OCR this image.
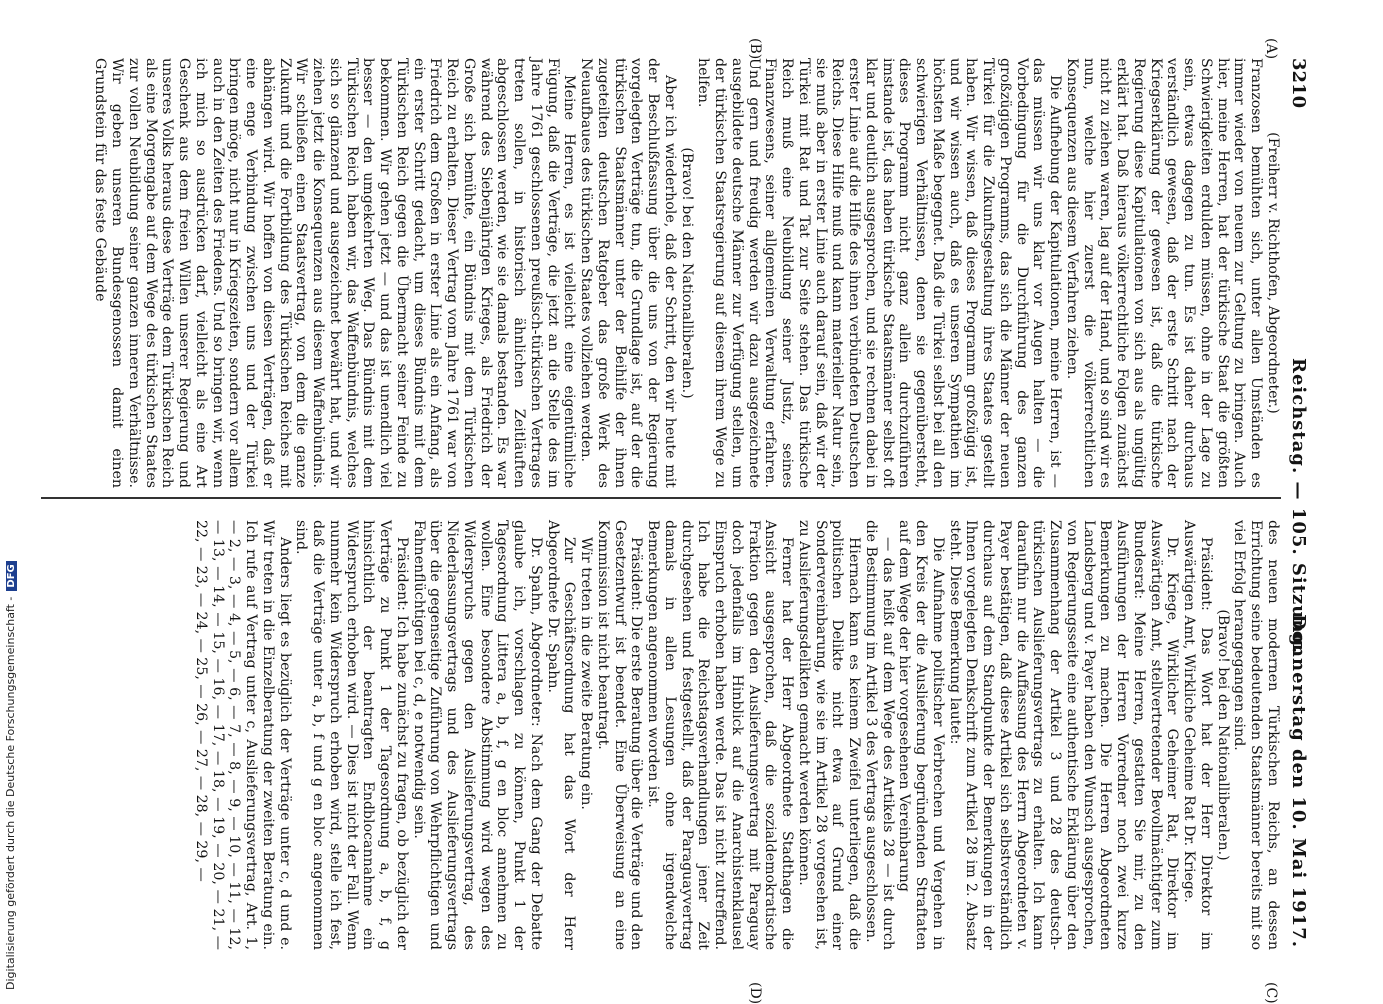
3210
Reichstag. — 105. Sitzung.
Donnerstag den 10. Mai 1917.
(A)
(B)
(C)
(D)

(Freiherr v. Richthofen, Abgeordneter.)

Franzosen bemühten sich, unter allen Umständen es immer wieder von neuem zur Geltung zu bringen. Auch hier, meine Herren, hat der türkische Staat die größten Schwierigkeiten erdulden müssen, ohne in der Lage zu sein, etwas dagegen zu tun. Es ist daher durchaus verständlich gewesen, daß der erste Schritt nach der Kriegserklärung der gewesen ist, daß die türkische Regierung diese Kapitulationen von sich aus als ungültig erklärt hat. Daß hieraus völkerrechtliche Folgen zunächst nicht zu ziehen waren, lag auf der Hand, und so sind wir es nun, welche hier zuerst die völkerrechtlichen Konsequenzen aus diesem Verfahren ziehen.

Die Aufhebung der Kapitulationen, meine Herren, ist — das müssen wir uns klar vor Augen halten — die Vorbedingung für die Durchführung des ganzen großzügigen Programms, das sich die Männer der neuen Türkei für die Zukunftsgestaltung ihres Staates gestellt haben. Wir wissen, daß dieses Programm großzügig ist, und wir wissen auch, daß es unseren Sympathien im höchsten Maße begegnet. Daß die Türkei selbst bei all den schwierigen Verhältnissen, denen sie gegenübersteht, dieses Programm nicht ganz allein durchzuführen imstande ist, das haben türkische Staatsmänner selbst oft klar und deutlich ausgesprochen, und sie rechnen dabei in erster Linie auf die Hilfe des ihnen verbündeten Deutschen Reichs. Diese Hilfe muß und kann materieller Natur sein, sie muß aber in erster Linie auch darauf sein, daß wir der Türkei mit Rat und Tat zur Seite stehen. Das türkische Reich muß eine Neubildung seiner Justiz, seines Finanzwesens, seiner allgemeinen Verwaltung erfahren. Und gern und freudig werden wir dazu ausgezeichnete ausgebildete deutsche Männer zur Verfügung stellen, um der türkischen Staatsregierung auf diesem ihrem Wege zu helfen.

(Bravo! bei den Nationalliberalen.)

Aber ich wiederhole, daß der Schritt, den wir heute mit der Beschlußfassung über die uns von der Regierung vorgelegten Verträge tun, die Grundlage ist, auf der die türkischen Staatsmänner unter der Beihilfe der ihnen zugeteilten deutschen Ratgeber das große Werk des Neuaufbaues des türkischen Staates vollziehen werden.

Meine Herren, es ist vielleicht eine eigentümliche Fügung, daß die Verträge, die jetzt an die Stelle des im Jahre 1761 geschlossenen preußisch-türkischen Vertrages treten sollen, in historisch ähnlichen Zeitläuften abgeschlossen werden, wie sie damals bestanden. Es war während des Siebenjährigen Krieges, als Friedrich der Große sich bemühte, ein Bündnis mit dem Türkischen Reich zu erhalten. Dieser Vertrag vom Jahre 1761 war von Friedrich dem Großen in erster Linie als ein Anfang, als ein erster Schritt gedacht, um dieses Bündnis mit dem Türkischen Reich gegen die Übermacht seiner Feinde zu bekommen. Wir gehen jetzt — und das ist unendlich viel besser — den umgekehrten Weg. Das Bündnis mit dem Türkischen Reich haben wir, das Waffenbündnis, welches sich so glänzend und ausgezeichnet bewährt hat, und wir ziehen jetzt die Konsequenzen aus diesem Waffenbündnis. Wir schließen einen Staatsvertrag, von dem die ganze Zukunft und die Fortbildung des Türkischen Reiches mit abhängen wird. Wir hoffen von diesen Verträgen, daß er eine enge Verbindung zwischen uns und der Türkei bringen möge, nicht nur in Kriegszeiten, sondern vor allem auch in den Zeiten des Friedens. Und so bringen wir, wenn ich mich so ausdrücken darf, vielleicht als eine Art Geschenk aus dem freien Willen unserer Regierung und unseres Volks heraus diese Verträge dem Türkischen Reich als eine Morgengabe auf dem Wege des türkischen Staates zur vollen Neubildung seiner ganzen inneren Verhältnisse. Wir geben unseren Bundesgenossen damit einen Grundstein für das feste Gebäude

des neuen modernen Türkischen Reichs, an dessen Errichtung seine bedeutenden Staatsmänner bereits mit so viel Erfolg herangegangen sind.

(Bravo! bei den Nationalliberalen.)

Präsident: Das Wort hat der Herr Direktor im Auswärtigen Amt, Wirkliche Geheime Rat Dr. Kriege.

Dr. Kriege, Wirklicher Geheimer Rat, Direktor im Auswärtigen Amt, stellvertretender Bevollmächtigter zum Bundesrat: Meine Herren, gestatten Sie mir, zu den Ausführungen der Herren Vorredner noch zwei kurze Bemerkungen zu machen. Die Herren Abgeordneten Landsberg und v. Payer haben den Wunsch ausgesprochen, von Regierungsseite eine authentische Erklärung über den Zusammenhang der Artikel 3 und 28 des deutsch-türkischen Auslieferungsvertrags zu erhalten. Ich kann daraufhin nur die Auffassung des Herrn Abgeordneten v. Payer bestätigen, daß diese Artikel sich selbstverständlich durchaus auf dem Standpunkte der Bemerkungen in der Ihnen vorgelegten Denkschrift zum Artikel 28 im 2. Absatz steht. Diese Bemerkung lautet:

Die Aufnahme politischer Verbrechen und Vergehen in den Kreis der die Auslieferung begründenden Straftaten auf dem Wege der hier vorgesehenen Vereinbarung

— das heißt auf dem Wege des Artikels 28 — ist durch die Bestimmung im Artikel 3 des Vertrags ausgeschlossen.

Hiernach kann es keinem Zweifel unterliegen, daß die politischen Delikte nicht etwa auf Grund einer Sondervereinbarung, wie sie im Artikel 28 vorgesehen ist, zu Auslieferungsdelikten gemacht werden können.

Ferner hat der Herr Abgeordnete Stadthagen die Ansicht ausgesprochen, daß die sozialdemokratische Fraktion gegen den Auslieferungsvertrag mit Paraguay doch jedenfalls im Hinblick auf die Anarchistenklausel Einspruch erhoben haben werde. Das ist nicht zutreffend. Ich habe die Reichstagsverhandlungen jener Zeit durchgesehen und festgestellt, daß der Paraguayvertrag damals in allen Lesungen ohne irgendwelche Bemerkungen angenommen worden ist.

Präsident: Die erste Beratung über die Verträge und den Gesetzentwurf ist beendet. Eine Überweisung an eine Kommission ist nicht beantragt.

Wir treten in die zweite Beratung ein.

Zur Geschäftsordnung hat das Wort der Herr Abgeordnete Dr. Spahn.

Dr. Spahn, Abgeordneter: Nach dem Gang der Debatte glaube ich, vorschlagen zu können, Punkt 1 der Tagesordnung Littera a, b, f, g en bloc annehmen zu wollen. Eine besondere Abstimmung wird wegen des Widerspruchs gegen den Auslieferungsvertrag, des Niederlassungsvertrags und des Auslieferungsvertrags über die gegenseitige Zuführung von Wehrpflichtigen und Fahnenflüchtigen bei c, d, e notwendig sein.

Präsident: Ich habe zunächst zu fragen, ob bezüglich der Verträge zu Punkt 1 der Tagesordnung a, b, f, g hinsichtlich der beantragten Endblocannahme ein Widerspruch erhoben wird. — Dies ist nicht der Fall. Wenn nunmehr kein Widerspruch erhoben wird, stelle ich fest, daß die Verträge unter a, b, f und g en bloc angenommen sind.

Anders liegt es bezüglich der Verträge unter c, d und e. Wir treten in die Einzelberatung der zweiten Beratung ein. Ich rufe auf Vertrag unter c, Auslieferungsvertrag, Art. 1, — 2, — 3, — 4, — 5, — 6, — 7, — 8, — 9, — 10, — 11, — 12, — 13, — 14, — 15, — 16, — 17, — 18, — 19, — 20, — 21, — 22, — 23, — 24, — 25, — 26, — 27, — 28, — 29, —

Digitalisierung gefördert durch die Deutsche Forschungsgemeinschaft -DFG
